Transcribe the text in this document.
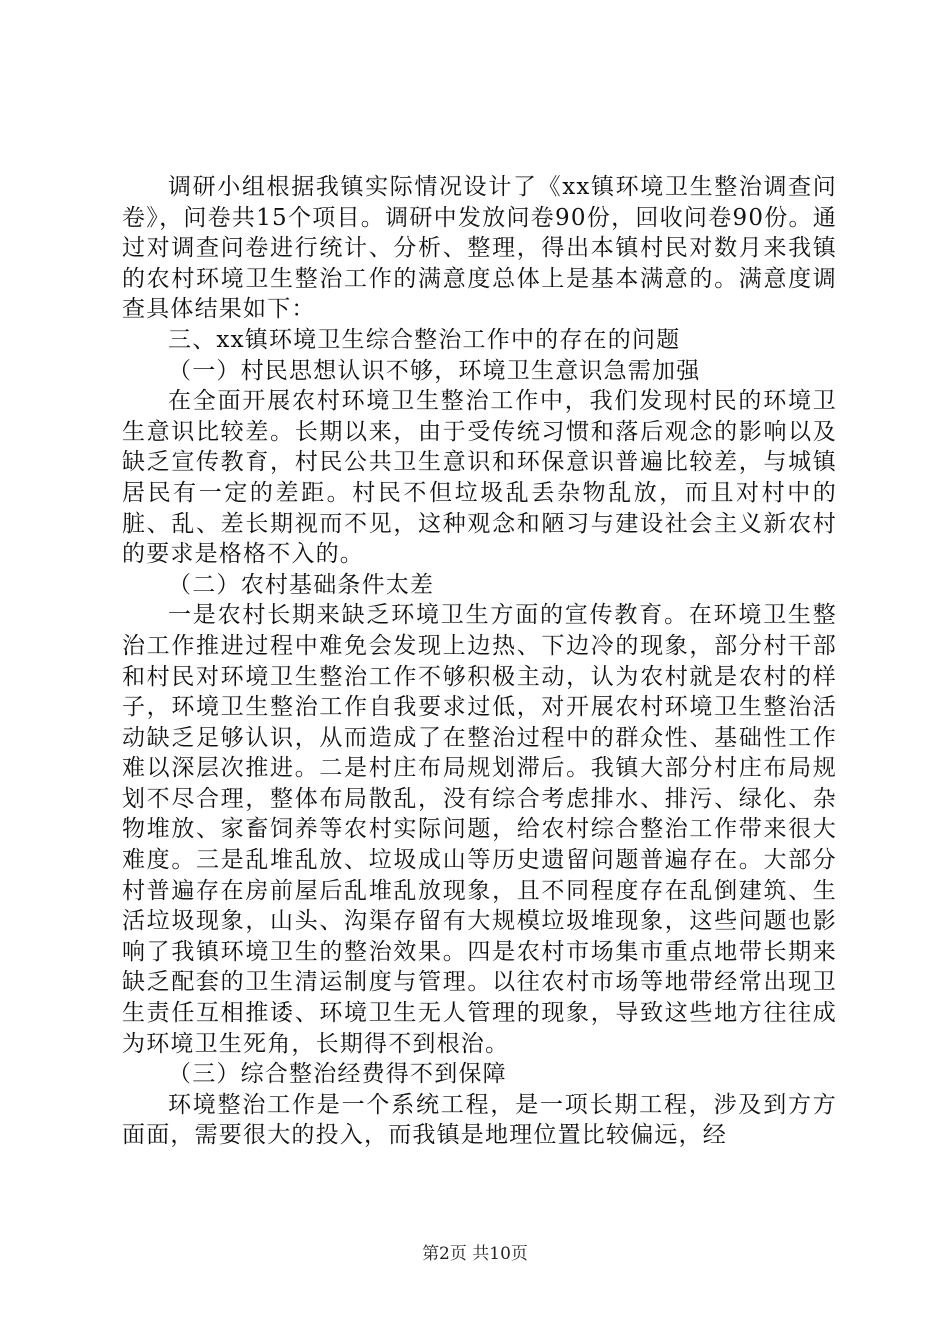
调研小组根据我镇实际情况设计了《xx镇环境卫生整治调查问卷》，问卷共15个项目。调研中发放问卷90份，回收问卷90份。通过对调查问卷进行统计、分析、整理，得出本镇村民对数月来我镇的农村环境卫生整治工作的满意度总体上是基本满意的。满意度调查具体结果如下：

三、xx镇环境卫生综合整治工作中的存在的问题

（一）村民思想认识不够，环境卫生意识急需加强

在全面开展农村环境卫生整治工作中，我们发现村民的环境卫生意识比较差。长期以来，由于受传统习惯和落后观念的影响以及缺乏宣传教育，村民公共卫生意识和环保意识普遍比较差，与城镇居民有一定的差距。村民不但垃圾乱丢杂物乱放，而且对村中的脏、乱、差长期视而不见，这种观念和陋习与建设社会主义新农村的要求是格格不入的。

（二）农村基础条件太差

一是农村长期来缺乏环境卫生方面的宣传教育。在环境卫生整治工作推进过程中难免会发现上边热、下边冷的现象，部分村干部和村民对环境卫生整治工作不够积极主动，认为农村就是农村的样子，环境卫生整治工作自我要求过低，对开展农村环境卫生整治活动缺乏足够认识，从而造成了在整治过程中的群众性、基础性工作难以深层次推进。二是村庄布局规划滞后。我镇大部分村庄布局规划不尽合理，整体布局散乱，没有综合考虑排水、排污、绿化、杂物堆放、家畜饲养等农村实际问题，给农村综合整治工作带来很大难度。三是乱堆乱放、垃圾成山等历史遗留问题普遍存在。大部分村普遍存在房前屋后乱堆乱放现象，且不同程度存在乱倒建筑、生活垃圾现象，山头、沟渠存留有大规模垃圾堆现象，这些问题也影响了我镇环境卫生的整治效果。四是农村市场集市重点地带长期来缺乏配套的卫生清运制度与管理。以往农村市场等地带经常出现卫生责任互相推诿、环境卫生无人管理的现象，导致这些地方往往成为环境卫生死角，长期得不到根治。

（三）综合整治经费得不到保障

环境整治工作是一个系统工程，是一项长期工程，涉及到方方面面，需要很大的投入，而我镇是地理位置比较偏远，经

第2页 共10页
